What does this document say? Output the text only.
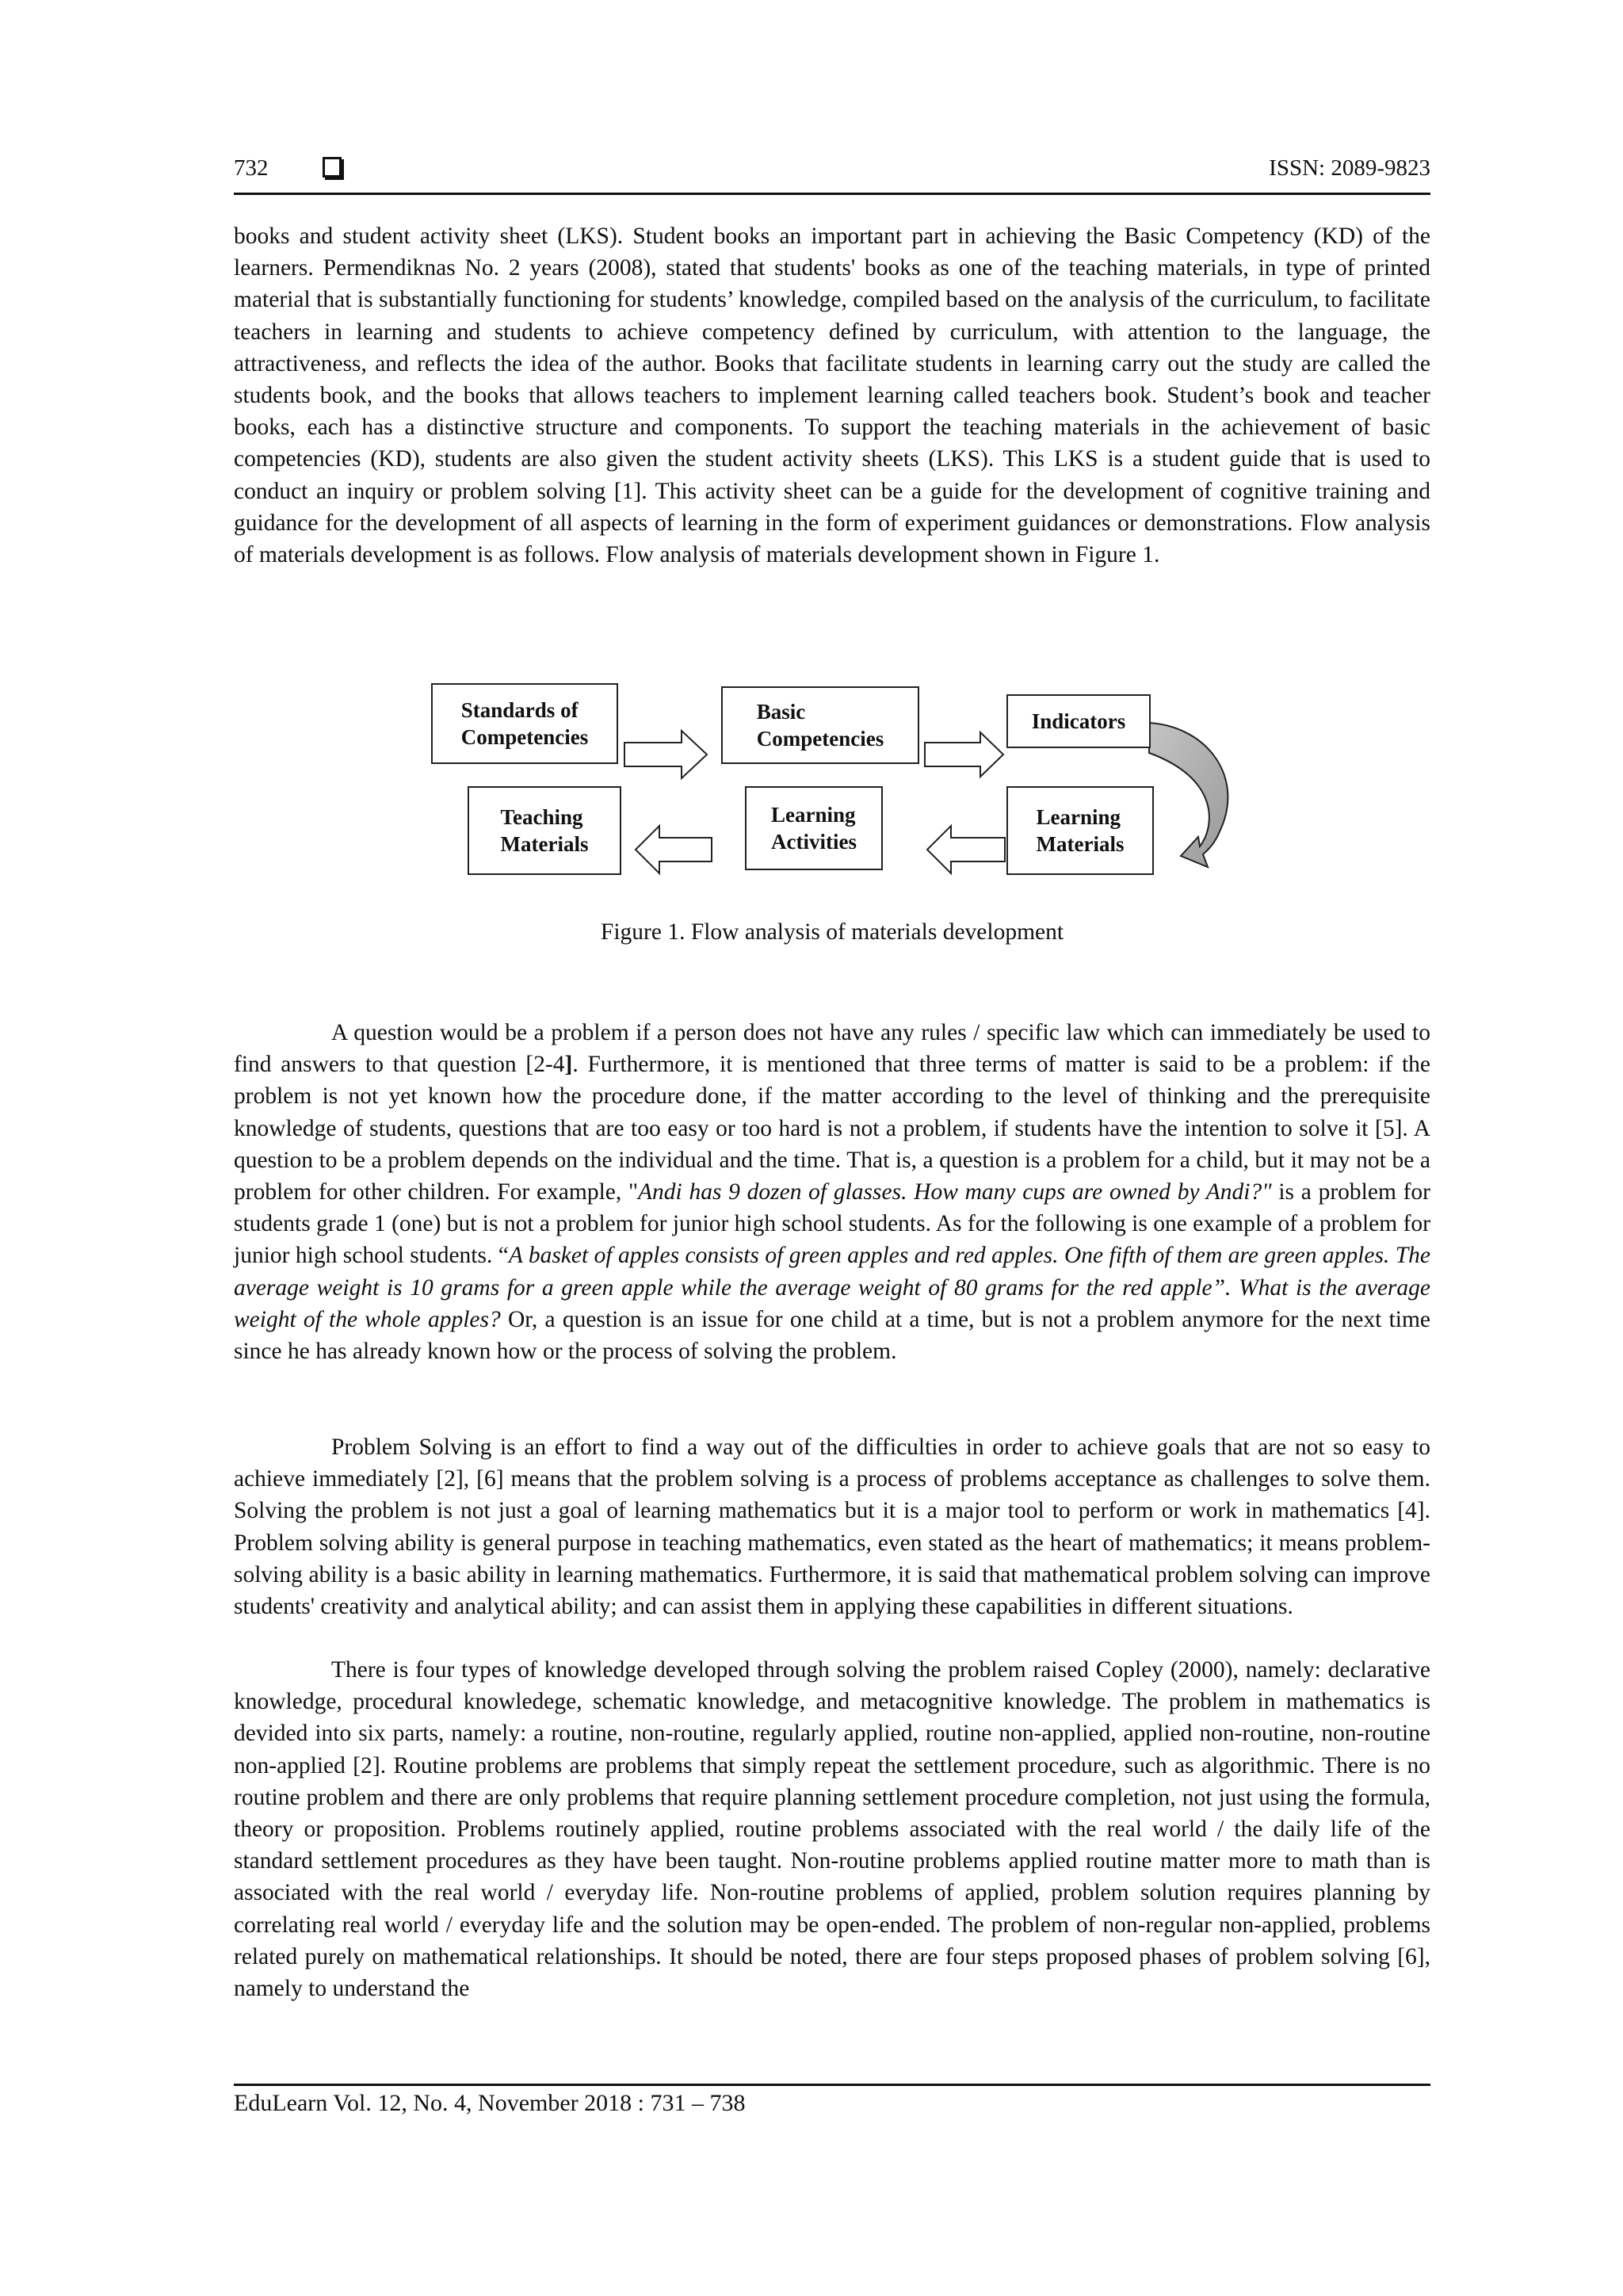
732	ISSN: 2089-9823

books and student activity sheet (LKS). Student books an important part in achieving the Basic Competency (KD) of the learners. Permendiknas No. 2 years (2008), stated that students' books as one of the teaching materials, in type of printed material that is substantially functioning for students’ knowledge, compiled based on the analysis of the curriculum, to facilitate teachers in learning and students to achieve competency defined by curriculum, with attention to the language, the attractiveness, and reflects the idea of the author. Books that facilitate students in learning carry out the study are called the students book, and the books that allows teachers to implement learning called teachers book. Student’s book and teacher books, each has a distinctive structure and components. To support the teaching materials in the achievement of basic competencies (KD), students are also given the student activity sheets (LKS). This LKS is a student guide that is used to conduct an inquiry or problem solving [1]. This activity sheet can be a guide for the development of cognitive training and guidance for the development of all aspects of learning in the form of experiment guidances or demonstrations. Flow analysis of materials development is as follows. Flow analysis of materials development shown in Figure 1.

Standards of
Competencies
Basic
Competencies
Indicators
Teaching
Materials
Learning
Activities
Learning
Materials
Figure 1. Flow analysis of materials development

A question would be a problem if a person does not have any rules / specific law which can immediately be used to find answers to that question [2-4]. Furthermore, it is mentioned that three terms of matter is said to be a problem: if the problem is not yet known how the procedure done, if the matter according to the level of thinking and the prerequisite knowledge of students, questions that are too easy or too hard is not a problem, if students have the intention to solve it [5]. A question to be a problem depends on the individual and the time. That is, a question is a problem for a child, but it may not be a problem for other children. For example, "Andi has 9 dozen of glasses. How many cups are owned by Andi?" is a problem for students grade 1 (one) but is not a problem for junior high school students. As for the following is one example of a problem for junior high school students. “A basket of apples consists of green apples and red apples. One fifth of them are green apples. The average weight is 10 grams for a green apple while the average weight of 80 grams for the red apple”. What is the average weight of the whole apples? Or, a question is an issue for one child at a time, but is not a problem anymore for the next time since he has already known how or the process of solving the problem.

Problem Solving is an effort to find a way out of the difficulties in order to achieve goals that are not so easy to achieve immediately [2], [6] means that the problem solving is a process of problems acceptance as challenges to solve them. Solving the problem is not just a goal of learning mathematics but it is a major tool to perform or work in mathematics [4]. Problem solving ability is general purpose in teaching mathematics, even stated as the heart of mathematics; it means problem-solving ability is a basic ability in learning mathematics. Furthermore, it is said that mathematical problem solving can improve students' creativity and analytical ability; and can assist them in applying these capabilities in different situations.

There is four types of knowledge developed through solving the problem raised Copley (2000), namely: declarative knowledge, procedural knowledege, schematic knowledge, and metacognitive knowledge. The problem in mathematics is devided into six parts, namely: a routine, non-routine, regularly applied, routine non-applied, applied non-routine, non-routine non-applied [2]. Routine problems are problems that simply repeat the settlement procedure, such as algorithmic. There is no routine problem and there are only problems that require planning settlement procedure completion, not just using the formula, theory or proposition. Problems routinely applied, routine problems associated with the real world / the daily life of the standard settlement procedures as they have been taught. Non-routine problems applied routine matter more to math than is associated with the real world / everyday life. Non-routine problems of applied, problem solution requires planning by correlating real world / everyday life and the solution may be open-ended. The problem of non-regular non-applied, problems related purely on mathematical relationships. It should be noted, there are four steps proposed phases of problem solving [6], namely to understand the

EduLearn Vol. 12, No. 4, November 2018 : 731 – 738
